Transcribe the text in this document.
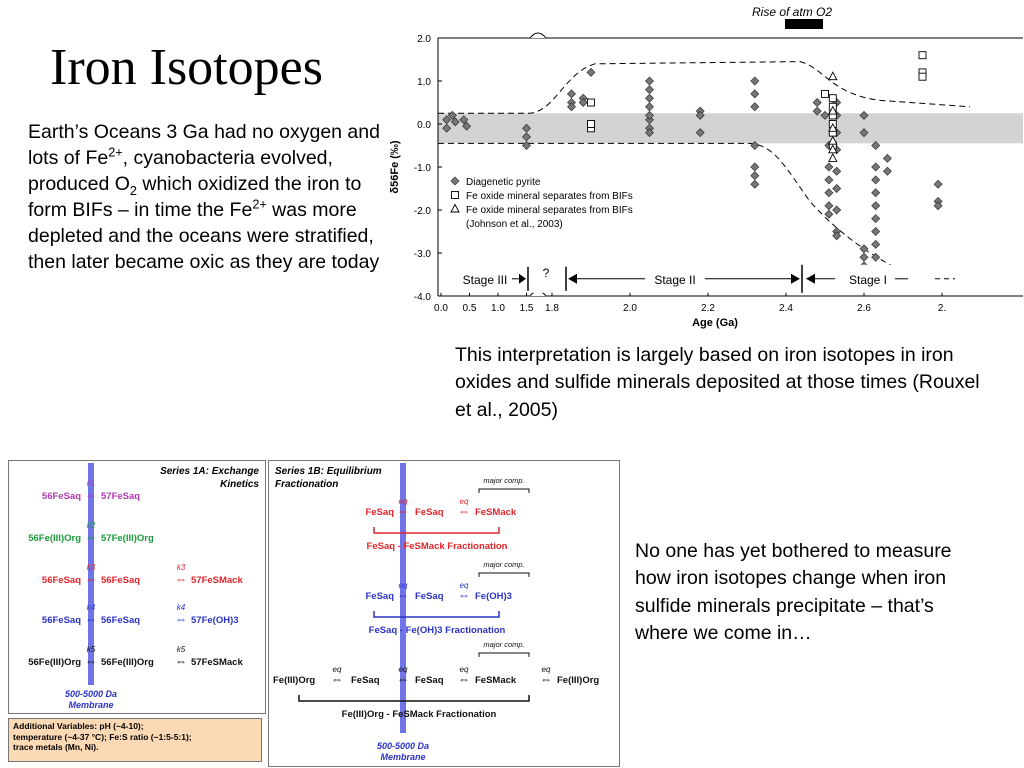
Iron Isotopes
Earth’s Oceans 3 Ga had no oxygen and lots of $Fe^{2+}$, cyanobacteria evolved, produced $O_2$ which oxidized the iron to form BIFs – in time the $Fe^{2+}$ was more depleted and the oceans were stratified, then later became oxic as they are today
This interpretation is largely based on iron isotopes in iron oxides and sulfide minerals deposited at those times (Rouxel et al., 2005)
No one has yet bothered to measure how iron isotopes change when iron sulfide minerals precipitate – that’s where we come in…
Rise of atm O2
2.0
1.0
0.0
-1.0
-2.0
-3.0
-4.0
δ56Fe (‰)
0.0 0.5 1.0 1.5 1.8	2.0	2.2	2.4	2.6	2.
Age (Ga)
Diagenetic pyrite
Fe oxide mineral separates from BIFs
Fe oxide mineral separates from BIFs
(Johnson et al., 2003)
Stage III	?	Stage II	Stage I
Series 1A: Exchange
Kinetics
k1
56FeSaq ⇔ 57FeSaq
k2
56Fe(III)Org ⇔ 57Fe(III)Org
k3
56FeSaq ⇔ 56FeSaq
k3
⇔ 57FeSMack
k4
56FeSaq ⇔ 56FeSaq
k4
⇔ 57Fe(OH)3
k5
56Fe(III)Org ⇔ 56Fe(III)Org
k5
⇔ 57FeSMack
500-5000 Da
Membrane
Series 1B: Equilibrium
Fractionation	major comp.
FeSaq FeSaq	FeSMack
eq
⇔
eq
⇔
FeSaq - FeSMack Fractionation
major comp.
FeSaq FeSaq	Fe(OH)3
eq
⇔
eq
⇔
FeSaq - Fe(OH)3 Fractionation
major comp.
Fe(III)Org	FeSaq	FeSaq	FeSMack	Fe(III)Org
eq
⇔
eq
⇔
eq
⇔
eq
⇔
Fe(III)Org - FeSMack Fractionation
500-5000 Da
Membrane
Additional Variables: pH (~4-10);
temperature (~4-37 °C); Fe:S ratio (~1:5-5:1);
trace metals (Mn, Ni).
